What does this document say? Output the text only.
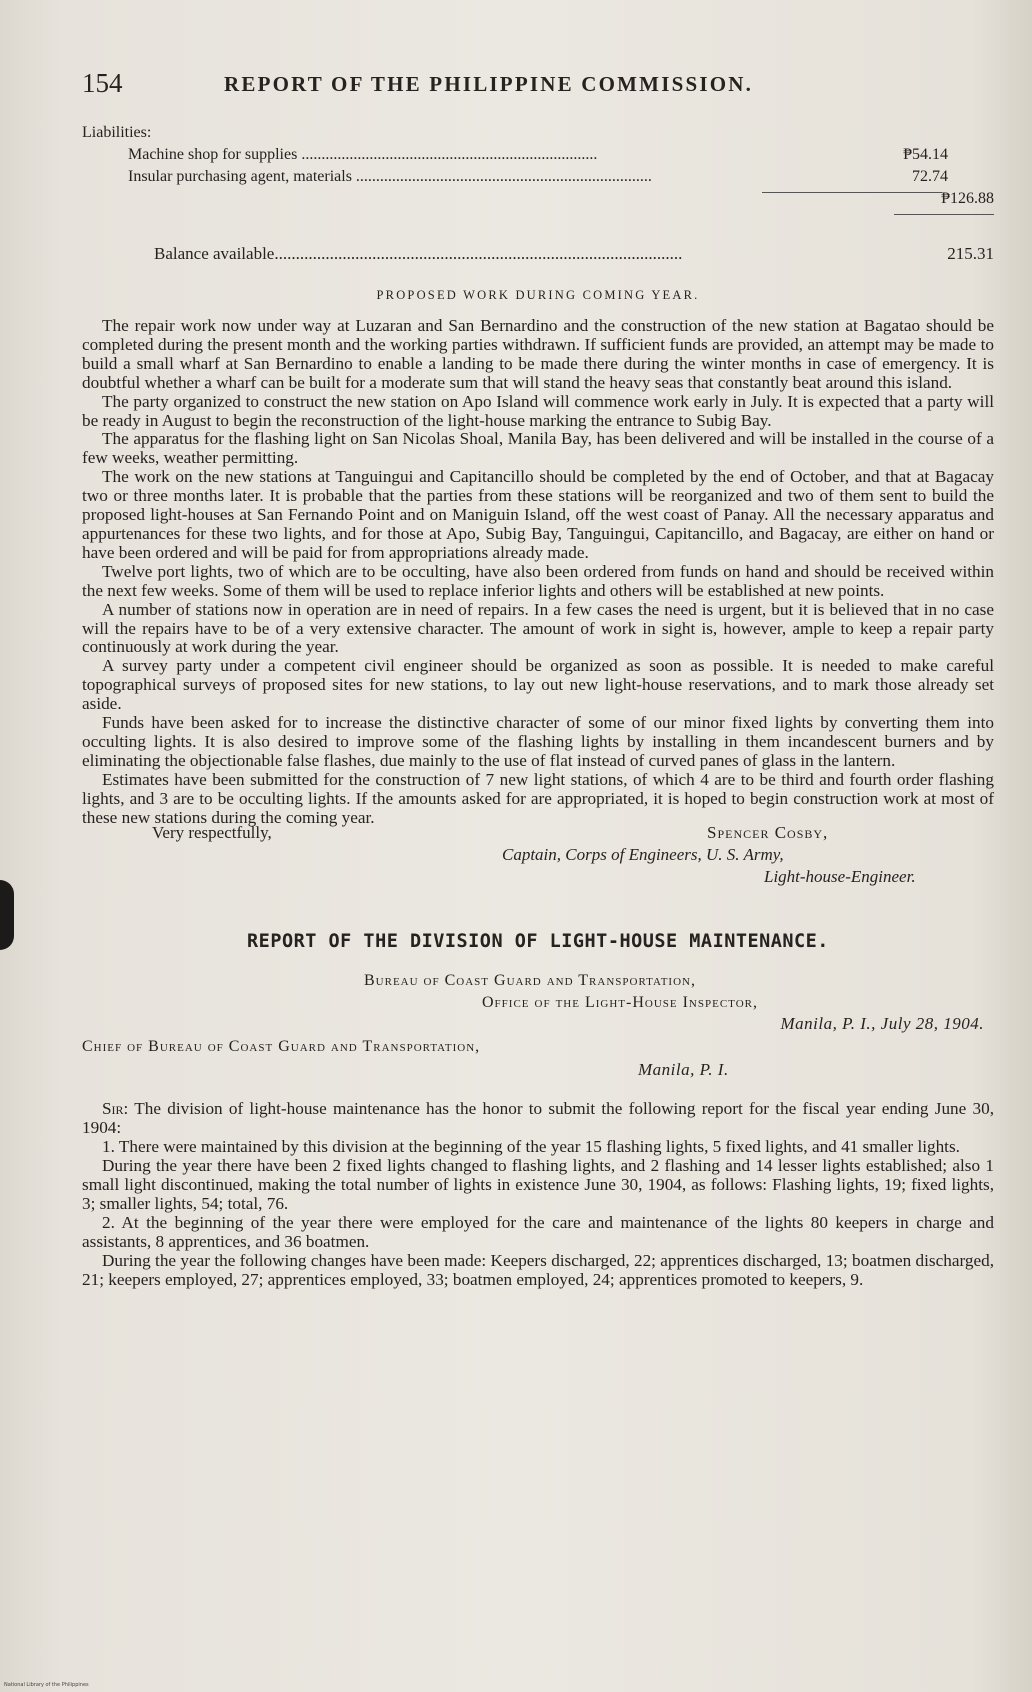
154	REPORT OF THE PHILIPPINE COMMISSION.
Liabilities:
Machine shop for supplies ..........................................................................	₱54.14
Insular purchasing agent, materials ..........................................................................	72.74
₱126.88
Balance available................................................................................................	215.31
PROPOSED WORK DURING COMING YEAR.

The repair work now under way at Luzaran and San Bernardino and the construction of the new station at Bagatao should be completed during the present month and the working parties withdrawn. If sufficient funds are provided, an attempt may be made to build a small wharf at San Bernardino to enable a landing to be made there during the winter months in case of emergency. It is doubtful whether a wharf can be built for a moderate sum that will stand the heavy seas that constantly beat around this island.

The party organized to construct the new station on Apo Island will commence work early in July. It is expected that a party will be ready in August to begin the reconstruction of the light-house marking the entrance to Subig Bay.

The apparatus for the flashing light on San Nicolas Shoal, Manila Bay, has been delivered and will be installed in the course of a few weeks, weather permitting.

The work on the new stations at Tanguingui and Capitancillo should be completed by the end of October, and that at Bagacay two or three months later. It is probable that the parties from these stations will be reorganized and two of them sent to build the proposed light-houses at San Fernando Point and on Maniguin Island, off the west coast of Panay. All the necessary apparatus and appurtenances for these two lights, and for those at Apo, Subig Bay, Tanguingui, Capitancillo, and Bagacay, are either on hand or have been ordered and will be paid for from appropriations already made.

Twelve port lights, two of which are to be occulting, have also been ordered from funds on hand and should be received within the next few weeks. Some of them will be used to replace inferior lights and others will be established at new points.

A number of stations now in operation are in need of repairs. In a few cases the need is urgent, but it is believed that in no case will the repairs have to be of a very extensive character. The amount of work in sight is, however, ample to keep a repair party continuously at work during the year.

A survey party under a competent civil engineer should be organized as soon as possible. It is needed to make careful topographical surveys of proposed sites for new stations, to lay out new light-house reservations, and to mark those already set aside.

Funds have been asked for to increase the distinctive character of some of our minor fixed lights by converting them into occulting lights. It is also desired to improve some of the flashing lights by installing in them incandescent burners and by eliminating the objectionable false flashes, due mainly to the use of flat instead of curved panes of glass in the lantern.

Estimates have been submitted for the construction of 7 new light stations, of which 4 are to be third and fourth order flashing lights, and 3 are to be occulting lights. If the amounts asked for are appropriated, it is hoped to begin construction work at most of these new stations during the coming year.

Very respectfully,	Spencer Cosby,
Captain, Corps of Engineers, U. S. Army,
Light-house-Engineer.
REPORT OF THE DIVISION OF LIGHT-HOUSE MAINTENANCE.
Bureau of Coast Guard and Transportation,
Office of the Light-House Inspector,
Manila, P. I., July 28, 1904.
Chief of Bureau of Coast Guard and Transportation,
Manila, P. I.

Sir: The division of light-house maintenance has the honor to submit the following report for the fiscal year ending June 30, 1904:

1. There were maintained by this division at the beginning of the year 15 flashing lights, 5 fixed lights, and 41 smaller lights.

During the year there have been 2 fixed lights changed to flashing lights, and 2 flashing and 14 lesser lights established; also 1 small light discontinued, making the total number of lights in existence June 30, 1904, as follows: Flashing lights, 19; fixed lights, 3; smaller lights, 54; total, 76.

2. At the beginning of the year there were employed for the care and maintenance of the lights 80 keepers in charge and assistants, 8 apprentices, and 36 boatmen.

During the year the following changes have been made: Keepers discharged, 22; apprentices discharged, 13; boatmen discharged, 21; keepers employed, 27; apprentices employed, 33; boatmen employed, 24; apprentices promoted to keepers, 9.

National Library of the Philippines
